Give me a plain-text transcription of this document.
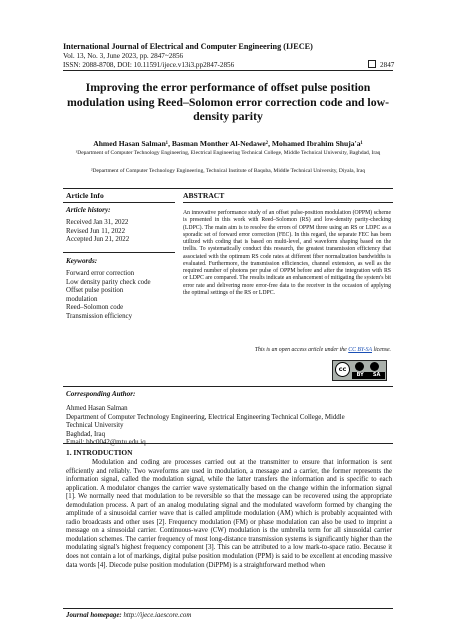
International Journal of Electrical and Computer Engineering (IJECE)
Vol. 13, No. 3, June 2023, pp. 2847~2856
ISSN: 2088-8708, DOI: 10.11591/ijece.v13i3.pp2847-2856	2847
Improving the error performance of offset pulse position modulation using Reed–Solomon error correction code and low-density parity
Ahmed Hasan Salman¹, Basman Monther Al-Nedawe², Mohamed Ibrahim Shuja'a¹
¹Department of Computer Technology Engineering, Electrical Engineering Technical College, Middle Technical University, Baghdad, Iraq
²Department of Computer Technology Engineering, Technical Institute of Baquba, Middle Technical University, Diyala, Iraq
Article Info	ABSTRACT
Article history:
Received Jan 31, 2022
Revised Jun 11, 2022
Accepted Jun 21, 2022
Keywords:
Forward error correction
Low density parity check code
Offset pulse position
modulation
Reed–Solomon code
Transmission efficiency
An innovative performance study of an offset pulse-position modulation (OPPM) scheme is presented in this work with Reed–Solomon (RS) and low-density parity-checking (LDPC). The main aim is to resolve the errors of OPPM three using an RS or LDPC as a sporadic set of forward error correction (FEC). In this regard, the separate FEC has been utilized with coding that is based on multi-level, and waveform shaping based on the trellis. To systematically conduct this research, the greatest transmission efficiency that associated with the optimum RS code rates at different fiber normalization bandwidths is evaluated. Furthermore, the transmission efficiencies, channel extension, as well as the required number of photons per pulse of OPPM before and after the integration with RS or LDPC are compared. The results indicate an enhancement of mitigating the system's bit error rate and delivering more error-free data to the receiver in the occasion of applying the optimal settings of the RS or LDPC.
This is an open access article under the CC BY-SA license.
cc
BY SA
Corresponding Author:
Ahmed Hasan Salman
Department of Computer Technology Engineering, Electrical Engineering Technical College, Middle
Technical University
Baghdad, Iraq
Email: bbc0042@mtu.edu.iq
1. INTRODUCTION
Modulation and coding are processes carried out at the transmitter to ensure that information is sent efficiently and reliably. Two waveforms are used in modulation, a message and a carrier, the former represents the information signal, called the modulation signal, while the latter transfers the information and is specific to each application. A modulator changes the carrier wave systematically based on the change within the information signal [1]. We normally need that modulation to be reversible so that the message can be recovered using the appropriate demodulation process. A part of an analog modulating signal and the modulated waveform formed by changing the amplitude of a sinusoidal carrier wave that is called amplitude modulation (AM) which is probably acquainted with radio broadcasts and other uses [2]. Frequency modulation (FM) or phase modulation can also be used to imprint a message on a sinusoidal carrier. Continuous-wave (CW) modulation is the umbrella term for all sinusoidal carrier modulation schemes. The carrier frequency of most long-distance transmission systems is significantly higher than the modulating signal's highest frequency component [3]. This can be attributed to a low mark-to-space ratio. Because it does not contain a lot of markings, digital pulse position modulation (PPM) is said to be excellent at encoding massive data words [4]. Diecode pulse position modulation (DiPPM) is a straightforward method when
Journal homepage: http://ijece.iaescore.com
